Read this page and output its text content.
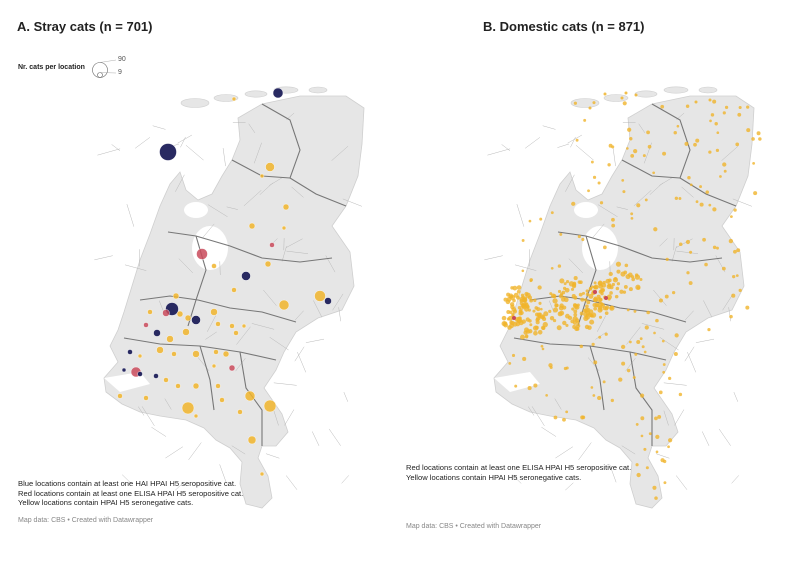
A. Stray cats (n = 701)
Nr. cats per location
90
9
Blue locations contain at least one HAI HPAI H5 seropositive cat.
Red locations contain at least one ELISA HPAI H5 seropositive cat.
Yellow locations contain HPAI H5 seronegative cats.
Map data: CBS • Created with Datawrapper
B. Domestic cats (n = 871)
Red locations contain at least one ELISA HPAI H5 seropositive cat.
Yellow locations contain HPAI H5 seronegative cats.
Map data: CBS • Created with Datawrapper
